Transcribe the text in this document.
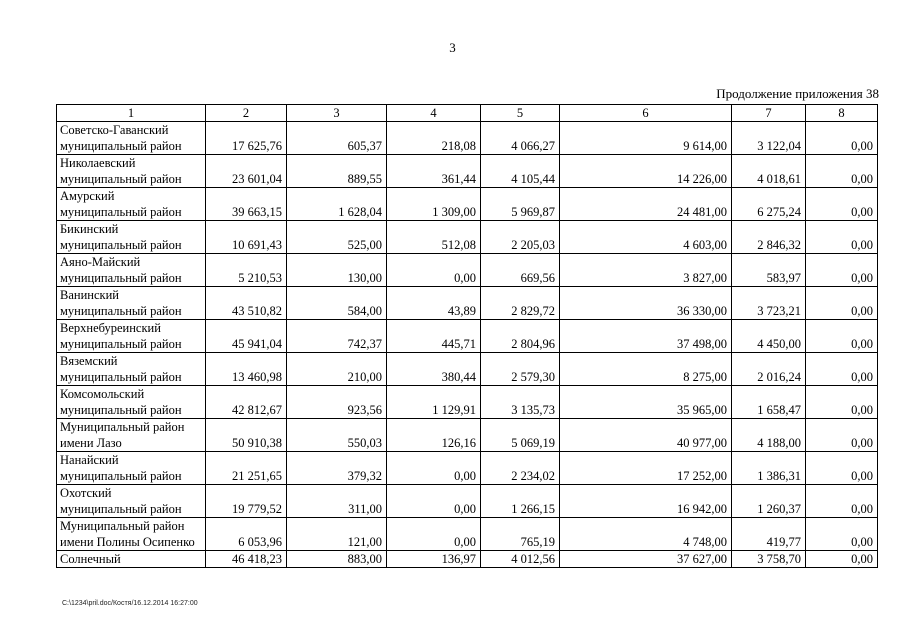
3
Продолжение приложения 38
1	2	3	4	5	6	7	8
Советско-Гаванский муниципальный район	17 625,76	605,37	218,08	4 066,27	9 614,00	3 122,04	0,00
Николаевский муниципальный район	23 601,04	889,55	361,44	4 105,44	14 226,00	4 018,61	0,00
Амурский муниципальный район	39 663,15	1 628,04	1 309,00	5 969,87	24 481,00	6 275,24	0,00
Бикинский муниципальный район	10 691,43	525,00	512,08	2 205,03	4 603,00	2 846,32	0,00
Аяно-Майский муниципальный район	5 210,53	130,00	0,00	669,56	3 827,00	583,97	0,00
Ванинский муниципальный район	43 510,82	584,00	43,89	2 829,72	36 330,00	3 723,21	0,00
Верхнебуреинский муниципальный район	45 941,04	742,37	445,71	2 804,96	37 498,00	4 450,00	0,00
Вяземский муниципальный район	13 460,98	210,00	380,44	2 579,30	8 275,00	2 016,24	0,00
Комсомольский муниципальный район	42 812,67	923,56	1 129,91	3 135,73	35 965,00	1 658,47	0,00
Муниципальный район имени Лазо	50 910,38	550,03	126,16	5 069,19	40 977,00	4 188,00	0,00
Нанайский муниципальный район	21 251,65	379,32	0,00	2 234,02	17 252,00	1 386,31	0,00
Охотский муниципальный район	19 779,52	311,00	0,00	1 266,15	16 942,00	1 260,37	0,00
Муниципальный район имени Полины Осипенко	6 053,96	121,00	0,00	765,19	4 748,00	419,77	0,00
Солнечный	46 418,23	883,00	136,97	4 012,56	37 627,00	3 758,70	0,00
C:\1234\pril.doc/Костя/16.12.2014 16:27:00
